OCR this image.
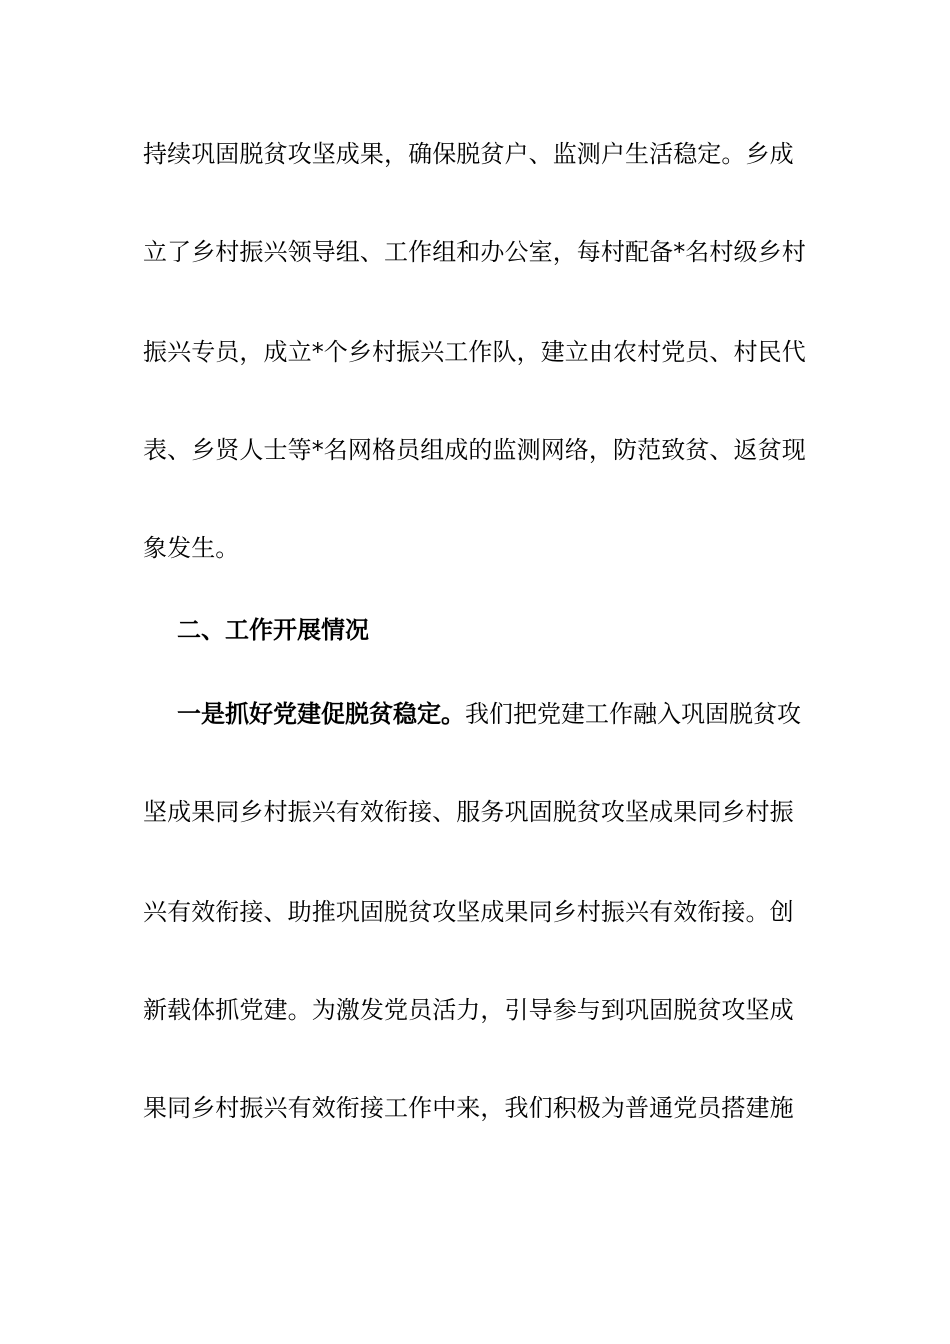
持续巩固脱贫攻坚成果，确保脱贫户、监测户生活稳定。乡成
立了乡村振兴领导组、工作组和办公室，每村配备*名村级乡村
振兴专员，成立*个乡村振兴工作队，建立由农村党员、村民代
表、乡贤人士等*名网格员组成的监测网络，防范致贫、返贫现
象发生。
二、工作开展情况
一是抓好党建促脱贫稳定。我们把党建工作融入巩固脱贫攻
坚成果同乡村振兴有效衔接、服务巩固脱贫攻坚成果同乡村振
兴有效衔接、助推巩固脱贫攻坚成果同乡村振兴有效衔接。创
新载体抓党建。为激发党员活力，引导参与到巩固脱贫攻坚成
果同乡村振兴有效衔接工作中来，我们积极为普通党员搭建施
